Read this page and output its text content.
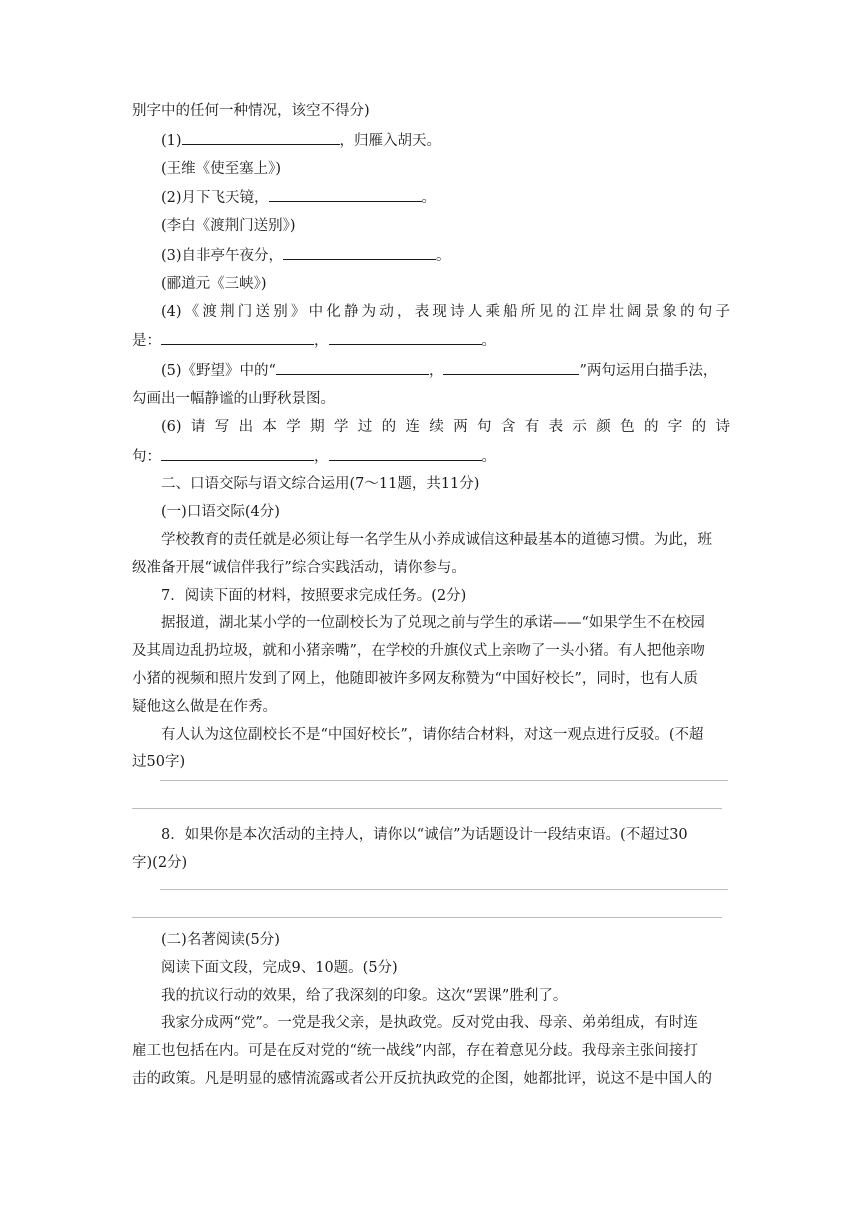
别字中的任何一种情况，该空不得分)
(1)	，归雁入胡天。
(王维《使至塞上》)
(2)月下飞天镜，	。
(李白《渡荆门送别》)
(3)自非亭午夜分，	。
(郦道元《三峡》)
(4)《渡荆门送别》中化静为动，表现诗人乘船所见的江岸壮阔景象的句子
是：	，	。
(5)《野望》中的“	，	”两句运用白描手法，
勾画出一幅静谧的山野秋景图。
(6)请写出本学期学过的连续两句含有表示颜色的字的诗
句：	，	。
二、口语交际与语文综合运用(7～11题，共11分)
(一)口语交际(4分)
学校教育的责任就是必须让每一名学生从小养成诚信这种最基本的道德习惯。为此，班
级准备开展“诚信伴我行”综合实践活动，请你参与。
7．阅读下面的材料，按照要求完成任务。(2分)
据报道，湖北某小学的一位副校长为了兑现之前与学生的承诺——“如果学生不在校园
及其周边乱扔垃圾，就和小猪亲嘴”，在学校的升旗仪式上亲吻了一头小猪。有人把他亲吻
小猪的视频和照片发到了网上，他随即被许多网友称赞为“中国好校长”，同时，也有人质
疑他这么做是在作秀。
有人认为这位副校长不是“中国好校长”，请你结合材料，对这一观点进行反驳。(不超
过50字)
8．如果你是本次活动的主持人，请你以“诚信”为话题设计一段结束语。(不超过30
字)(2分)
(二)名著阅读(5分)
阅读下面文段，完成9、10题。(5分)
我的抗议行动的效果，给了我深刻的印象。这次“罢课”胜利了。
我家分成两“党”。一党是我父亲，是执政党。反对党由我、母亲、弟弟组成，有时连
雇工也包括在内。可是在反对党的“统一战线”内部，存在着意见分歧。我母亲主张间接打
击的政策。凡是明显的感情流露或者公开反抗执政党的企图，她都批评，说这不是中国人的
